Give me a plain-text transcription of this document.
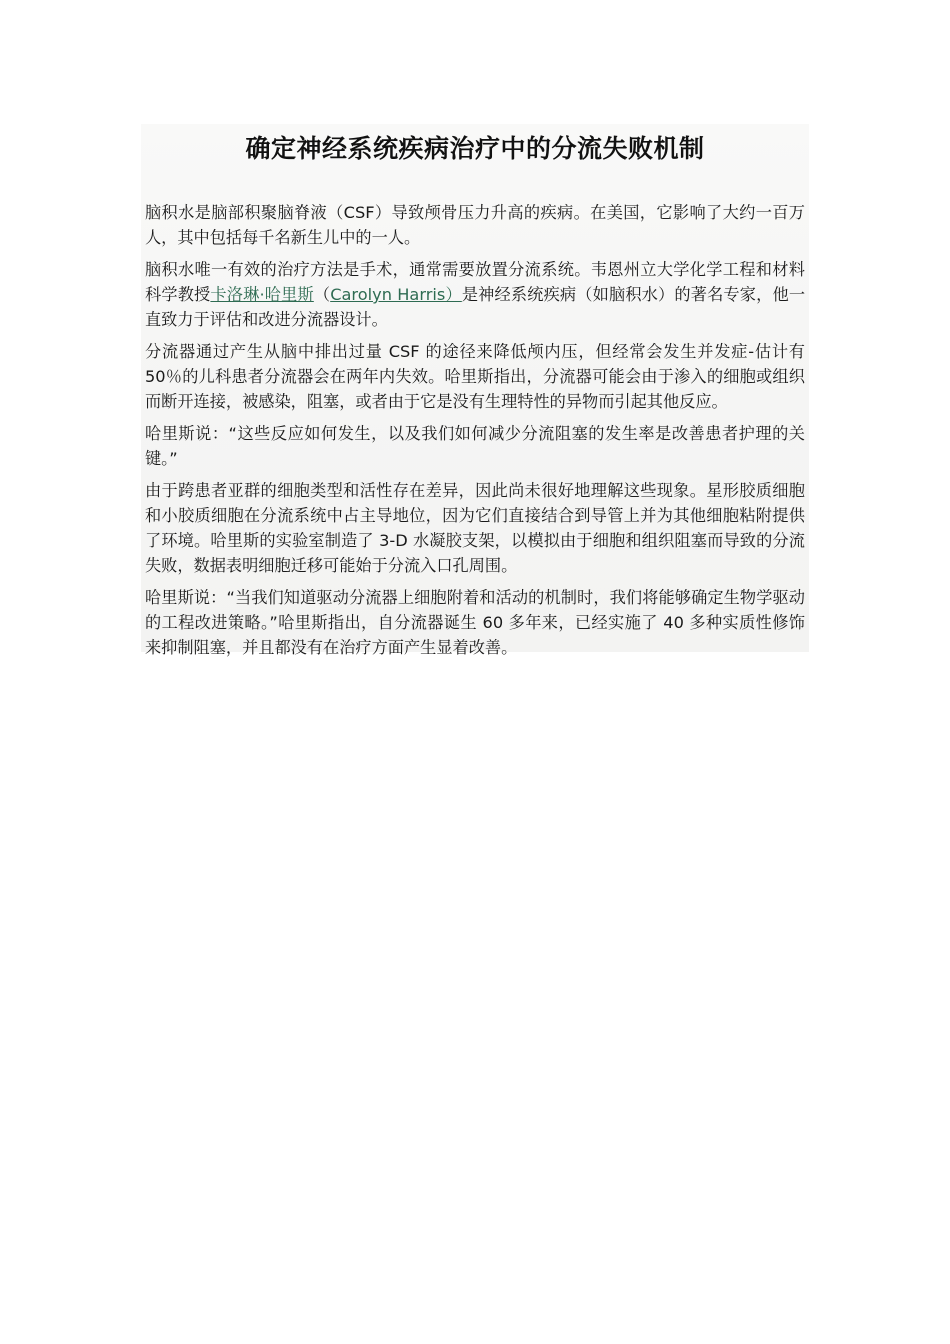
确定神经系统疾病治疗中的分流失败机制

脑积水是脑部积聚脑脊液（CSF）导致颅骨压力升高的疾病。在美国，它影响了大约一百万人，其中包括每千名新生儿中的一人。

脑积水唯一有效的治疗方法是手术，通常需要放置分流系统。韦恩州立大学化学工程和材料科学教授卡洛琳·哈里斯（Carolyn Harris）是神经系统疾病（如脑积水）的著名专家，他一直致力于评估和改进分流器设计。

分流器通过产生从脑中排出过量 CSF 的途径来降低颅内压，但经常会发生并发症-估计有 50％的儿科患者分流器会在两年内失效。哈里斯指出，分流器可能会由于渗入的细胞或组织而断开连接，被感染，阻塞，或者由于它是没有生理特性的异物而引起其他反应。

哈里斯说：“这些反应如何发生，以及我们如何减少分流阻塞的发生率是改善患者护理的关键。”

由于跨患者亚群的细胞类型和活性存在差异，因此尚未很好地理解这些现象。星形胶质细胞和小胶质细胞在分流系统中占主导地位，因为它们直接结合到导管上并为其他细胞粘附提供了环境。哈里斯的实验室制造了 3-D 水凝胶支架，以模拟由于细胞和组织阻塞而导致的分流失败，数据表明细胞迁移可能始于分流入口孔周围。

哈里斯说：“当我们知道驱动分流器上细胞附着和活动的机制时，我们将能够确定生物学驱动的工程改进策略。”哈里斯指出，自分流器诞生 60 多年来，已经实施了 40 多种实质性修饰来抑制阻塞，并且都没有在治疗方面产生显着改善。
